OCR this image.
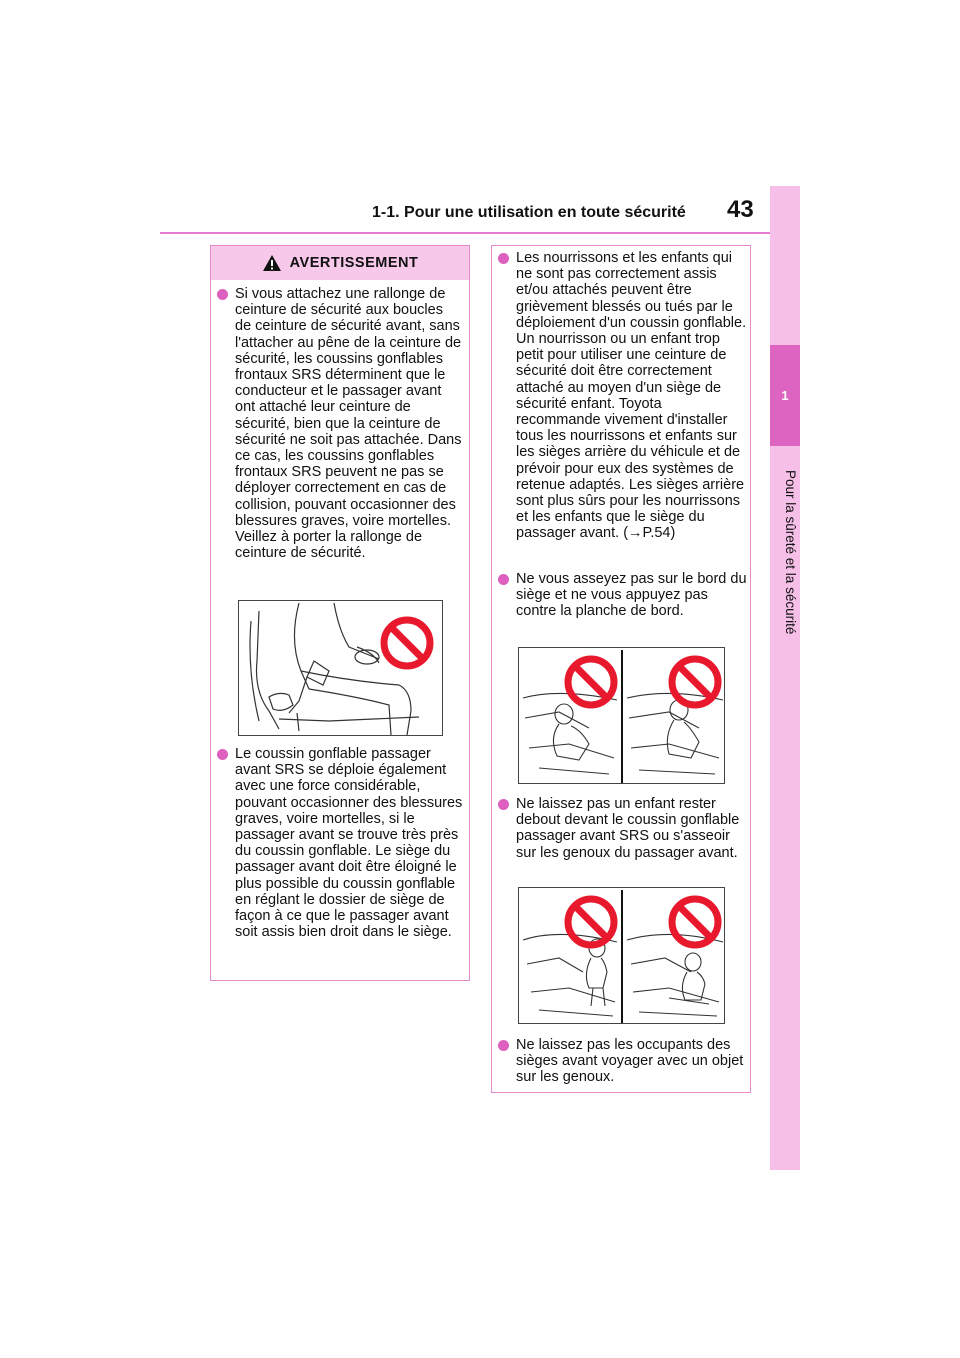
1-1. Pour une utilisation en toute sécurité 43
1
Pour la sûreté et la sécurité
AVERTISSEMENT
Si vous attachez une rallonge de ceinture de sécurité aux boucles de ceinture de sécurité avant, sans l'attacher au pêne de la ceinture de sécurité, les coussins gonflables frontaux SRS déterminent que le conducteur et le passager avant ont attaché leur ceinture de sécurité, bien que la ceinture de sécurité ne soit pas attachée. Dans ce cas, les coussins gonflables frontaux SRS peuvent ne pas se déployer correctement en cas de collision, pouvant occasionner des blessures graves, voire mortelles. Veillez à porter la rallonge de ceinture de sécurité.
Le coussin gonflable passager avant SRS se déploie également avec une force considérable, pouvant occasionner des blessures graves, voire mortelles, si le passager avant se trouve très près du coussin gonflable. Le siège du passager avant doit être éloigné le plus possible du coussin gonflable en réglant le dossier de siège de façon à ce que le passager avant soit assis bien droit dans le siège.
Les nourrissons et les enfants qui ne sont pas correctement assis et/ou attachés peuvent être grièvement blessés ou tués par le déploiement d'un coussin gonflable. Un nourrisson ou un enfant trop petit pour utiliser une ceinture de sécurité doit être correctement attaché au moyen d'un siège de sécurité enfant. Toyota recommande vivement d'installer tous les nourrissons et enfants sur les sièges arrière du véhicule et de prévoir pour eux des systèmes de retenue adaptés. Les sièges arrière sont plus sûrs pour les nourrissons et les enfants que le siège du passager avant. (→P.54)
Ne vous asseyez pas sur le bord du siège et ne vous appuyez pas contre la planche de bord.
Ne laissez pas un enfant rester debout devant le coussin gonflable passager avant SRS ou s'asseoir sur les genoux du passager avant.
Ne laissez pas les occupants des sièges avant voyager avec un objet sur les genoux.
